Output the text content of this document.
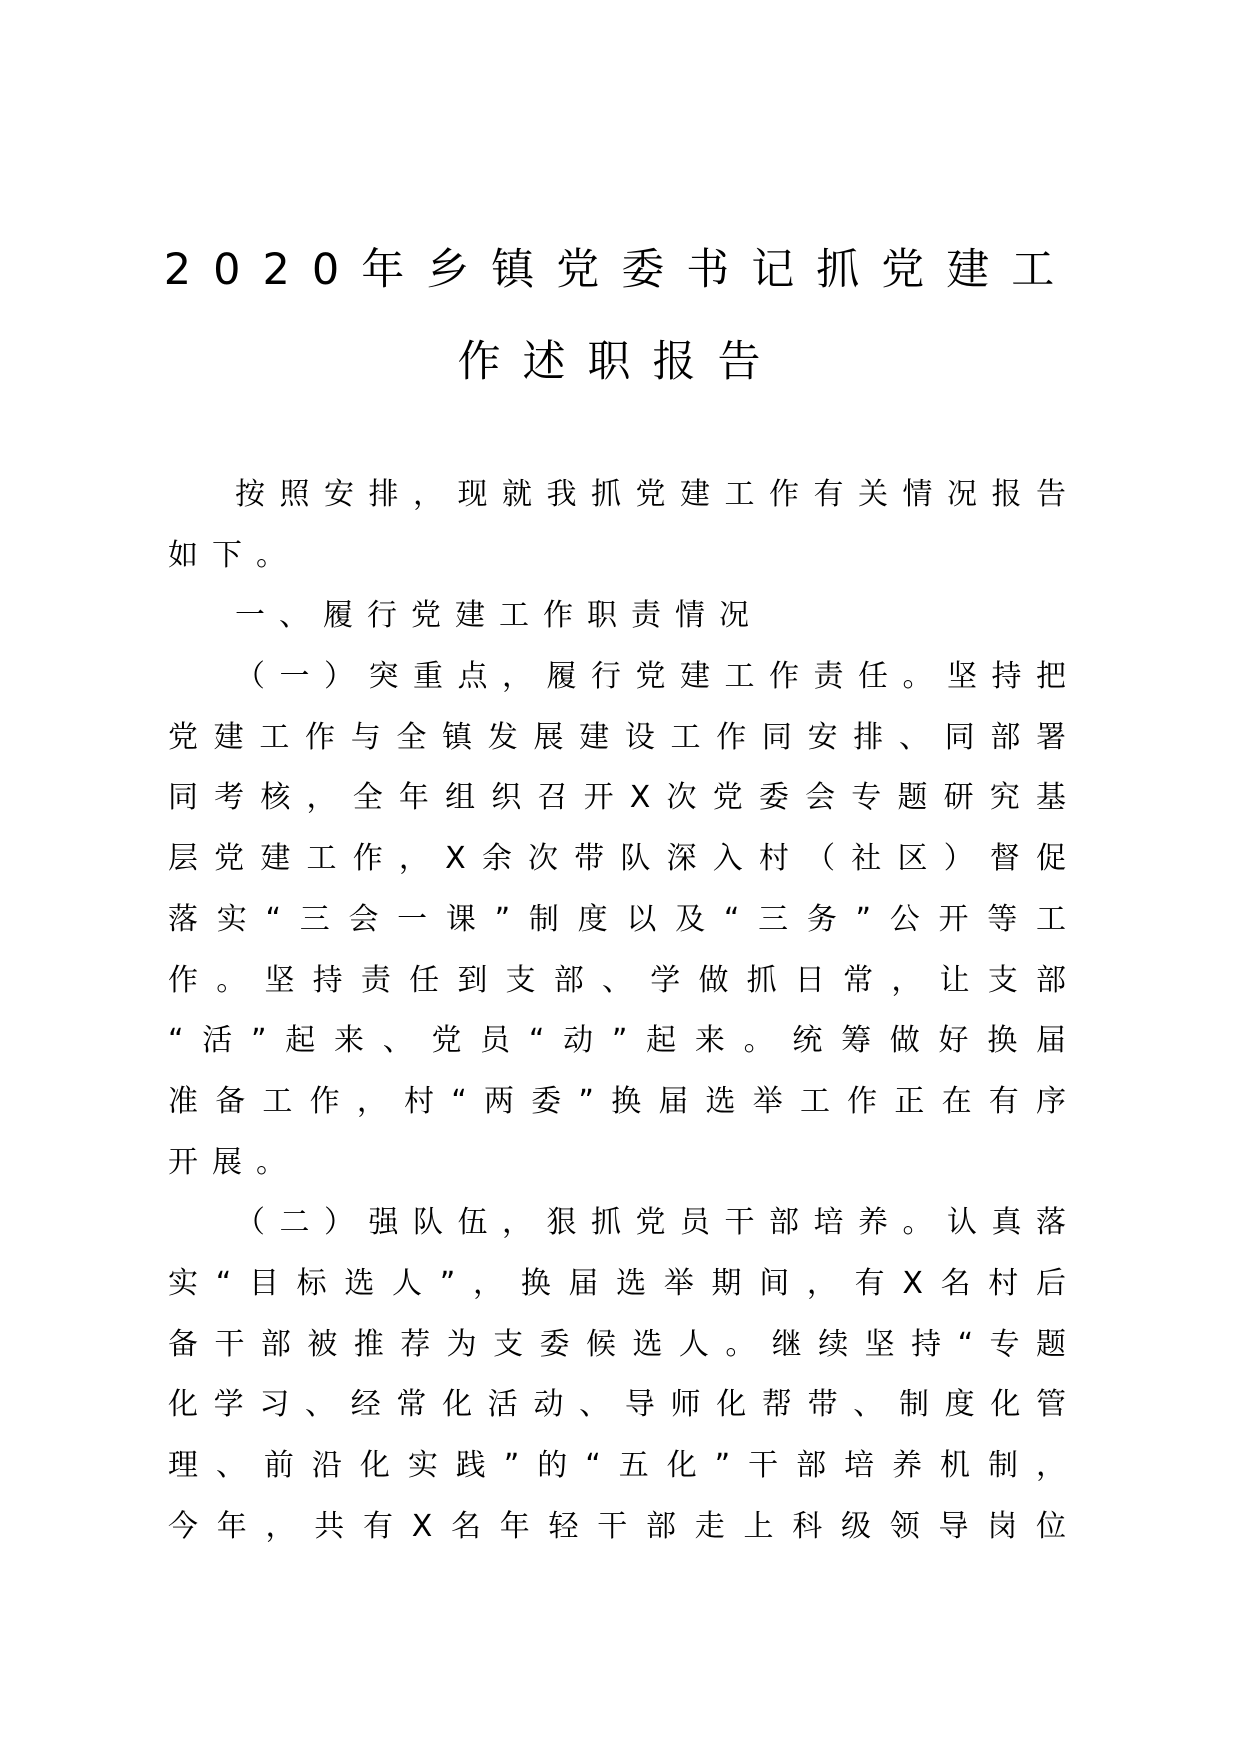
2020年乡镇党委书记抓党建工
作述职报告
按照安排，现就我抓党建工作有关情况报告
如下。
一、履行党建工作职责情况
（一）突重点，履行党建工作责任。坚持把
党建工作与全镇发展建设工作同安排、同部署
同考核，全年组织召开X次党委会专题研究基
层党建工作，X余次带队深入村（社区）督促
落实“三会一课”制度以及“三务”公开等工
作。坚持责任到支部、学做抓日常，让支部
“活”起来、党员“动”起来。统筹做好换届
准备工作，村“两委”换届选举工作正在有序
开展。
（二）强队伍，狠抓党员干部培养。认真落
实“目标选人”，换届选举期间，有X名村后
备干部被推荐为支委候选人。继续坚持“专题
化学习、经常化活动、导师化帮带、制度化管
理、前沿化实践”的“五化”干部培养机制，
今年，共有X名年轻干部走上科级领导岗位
